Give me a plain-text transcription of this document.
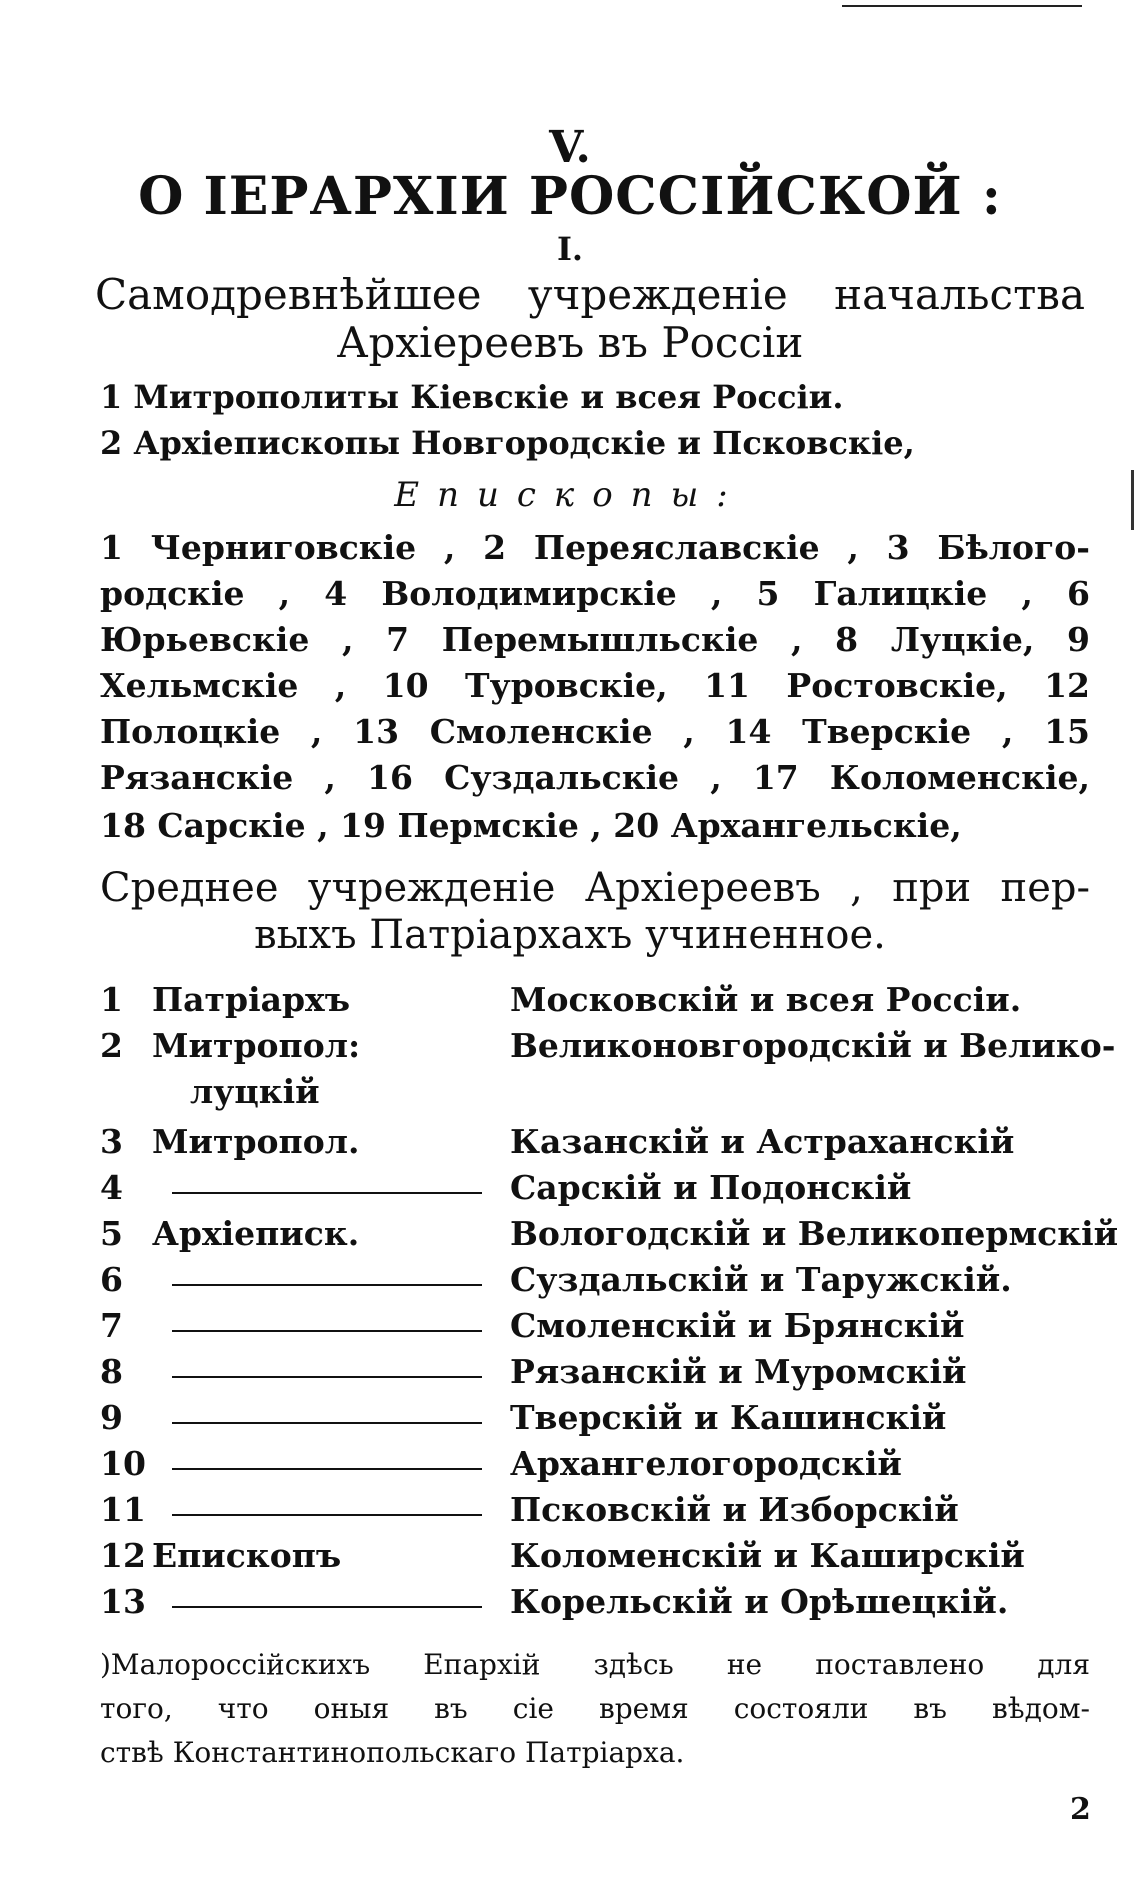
V.
О IЕРАРХIИ РОССIЙСКОЙ :
I.
Самодревнѣйшее учрежденiе начальства
Архiереевъ въ Россiи
1 Митрополиты Кiевскiе и всея Россiи.
2 Архiепископы Новгородскiе и Псковскiе,
Епископы:
1 Черниговскiе , 2 Переяславскiе , 3 Бѣлого-
родскiе , 4 Володимирскiе , 5 Галицкiе , 6
Юрьевскiе , 7 Перемышльскiе , 8 Луцкiе, 9
Хельмскiе , 10 Туровскiе, 11 Ростовскiе, 12
Полоцкiе , 13 Смоленскiе , 14 Тверскiе , 15
Рязанскiе , 16 Суздальскiе , 17 Коломенскiе,
18 Сарскiе , 19 Пермскiе , 20 Архангельскiе,
Среднее учрежденiе Архiереевъ , при пер-
выхъ Патрiархахъ учиненное.
1 Патрiархъ	Московскiй и всея Россiи.
2 Митропол:	Великоновгородскiй и Велико-
луцкiй
3 Митропол.	Казанскiй и Астраханскiй
4	Сарскiй и Подонскiй
5 Архiеписк.	Вологодскiй и Великопермскiй
6	Суздальскiй и Таружскiй.
7	Смоленскiй и Брянскiй
8	Рязанскiй и Муромскiй
9	Тверскiй и Кашинскiй
10	Архангелогородскiй
11	Псковскiй и Изборскiй
12 Епископъ	Коломенскiй и Каширскiй
13	Корельскiй и Орѣшецкiй.
)Малороссiйскихъ Епархiй здѣсь не поставлено для
того, что оныя въ сiе время состояли въ вѣдом-
ствѣ Константинопольскаго Патрiарха.
2
